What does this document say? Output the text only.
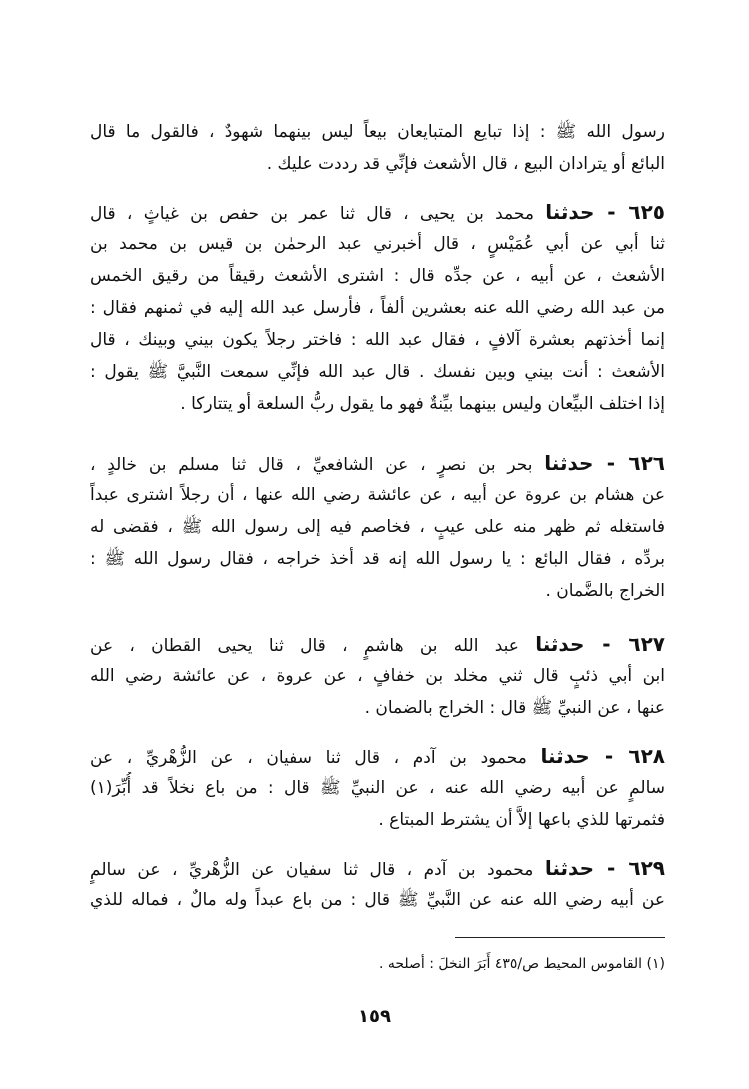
رسول الله ﷺ : إذا تبايع المتبايعان بيعاً ليس بينهما شهودٌ ، فالقول ما قال
البائع أو يترادان البيع ، قال الأشعث فإنِّي قد رددت عليك .
٦٢٥ - حدثنا محمد بن يحيى ، قال ثنا عمر بن حفص بن غياثٍ ، قال
ثنا أبي عن أبي عُمَيْسٍ ، قال أخبرني عبد الرحمٰن بن قيس بن محمد بن
الأشعث ، عن أبيه ، عن جدِّه قال : اشترى الأشعث رقيقاً من رقيق الخمس
من عبد الله رضي الله عنه بعشرين ألفاً ، فأرسل عبد الله إليه في ثمنهم فقال :
إنما أخذتهم بعشرة آلافٍ ، فقال عبد الله : فاختر رجلاً يكون بيني وبينك ، قال
الأشعث : أنت بيني وبين نفسك . قال عبد الله فإنِّي سمعت النَّبيَّ ﷺ يقول :
إذا اختلف البيِّعان وليس بينهما بيِّنةٌ فهو ما يقول ربُّ السلعة أو يتتاركا .
٦٢٦ - حدثنا بحر بن نصرٍ ، عن الشافعيِّ ، قال ثنا مسلم بن خالدٍ ،
عن هشام بن عروة عن أبيه ، عن عائشة رضي الله عنها ، أن رجلاً اشترى عبداً
فاستغله ثم ظهر منه على عيبٍ ، فخاصم فيه إلى رسول الله ﷺ ، فقضى له
بردِّه ، فقال البائع : يا رسول الله إنه قد أخذ خراجه ، فقال رسول الله ﷺ :
الخراج بالضَّمان .
٦٢٧ - حدثنا عبد الله بن هاشمٍ ، قال ثنا يحيى القطان ، عن
ابن أبي ذئبٍ قال ثني مخلد بن خفافٍ ، عن عروة ، عن عائشة رضي الله
عنها ، عن النبيِّ ﷺ قال : الخراج بالضمان .
٦٢٨ - حدثنا محمود بن آدم ، قال ثنا سفيان ، عن الزُّهْريِّ ، عن
سالمٍ عن أبيه رضي الله عنه ، عن النبيِّ ﷺ قال : من باع نخلاً قد أُبِّرَ(١)
فثمرتها للذي باعها إلاَّ أن يشترط المبتاع .
٦٢٩ - حدثنا محمود بن آدم ، قال ثنا سفيان عن الزُّهْريِّ ، عن سالمٍ
عن أبيه رضي الله عنه عن النَّبيِّ ﷺ قال : من باع عبداً وله مالٌ ، فماله للذي
(١) القاموس المحيط ص/٤٣٥ أَبَرَ النخلَ : أصلحه .
١٥٩
